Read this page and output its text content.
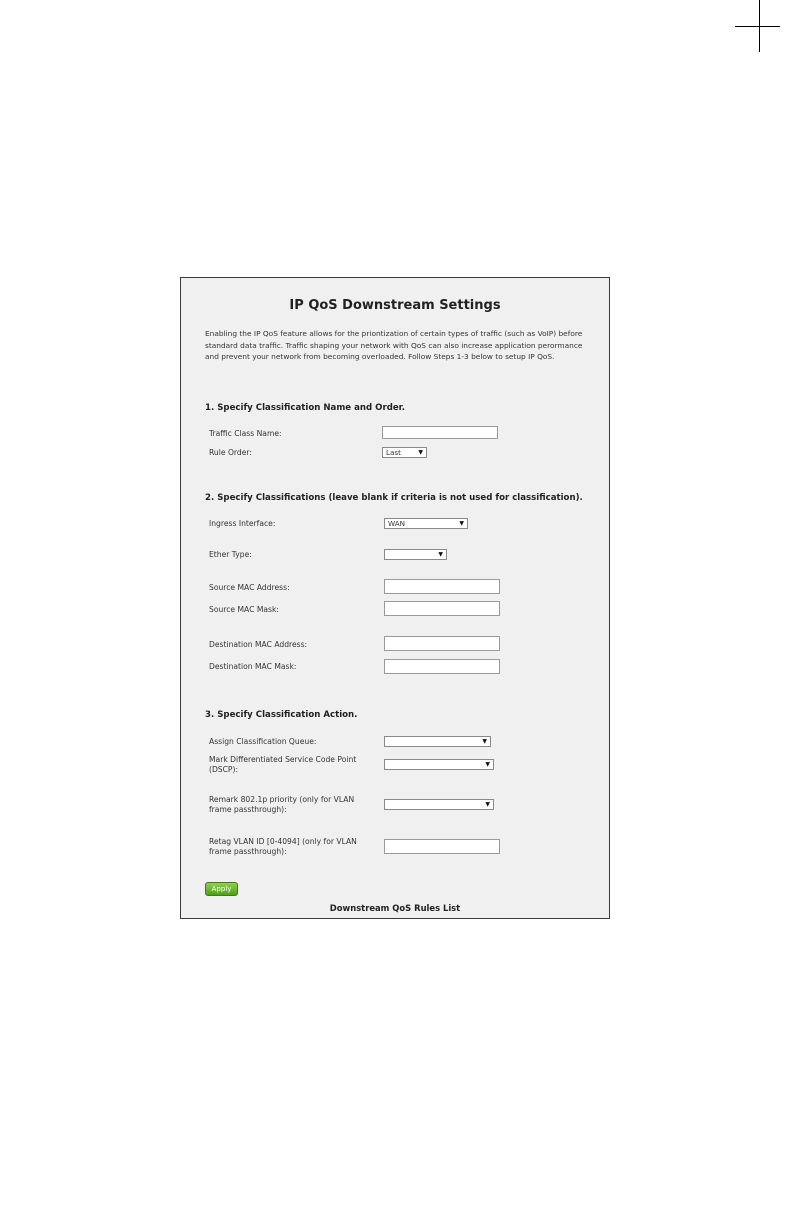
IP QoS Downstream Settings
Enabling the IP QoS feature allows for the priontization of certain types of traffic (such as VoIP) before standard data traffic. Traffic shaping your network with QoS can also increase application perormance and prevent your network from becoming overloaded. Follow Steps 1-3 below to setup IP QoS.
1. Specify Classification Name and Order.
Traffic Class Name:
Rule Order:	Last	▼
2. Specify Classifications (leave blank if criteria is not used for classification).
Ingress Interface:	WAN	▼
Ether Type:	▼
Source MAC Address:
Source MAC Mask:
Destination MAC Address:
Destination MAC Mask:
3. Specify Classification Action.
Assign Classification Queue:	▼
Mark Differentiated Service Code Point (DSCP):
▼
Remark 802.1p priority (only for VLAN frame passthrough):
▼
Retag VLAN ID [0-4094] (only for VLAN frame passthrough):
Apply
Downstream QoS Rules List
